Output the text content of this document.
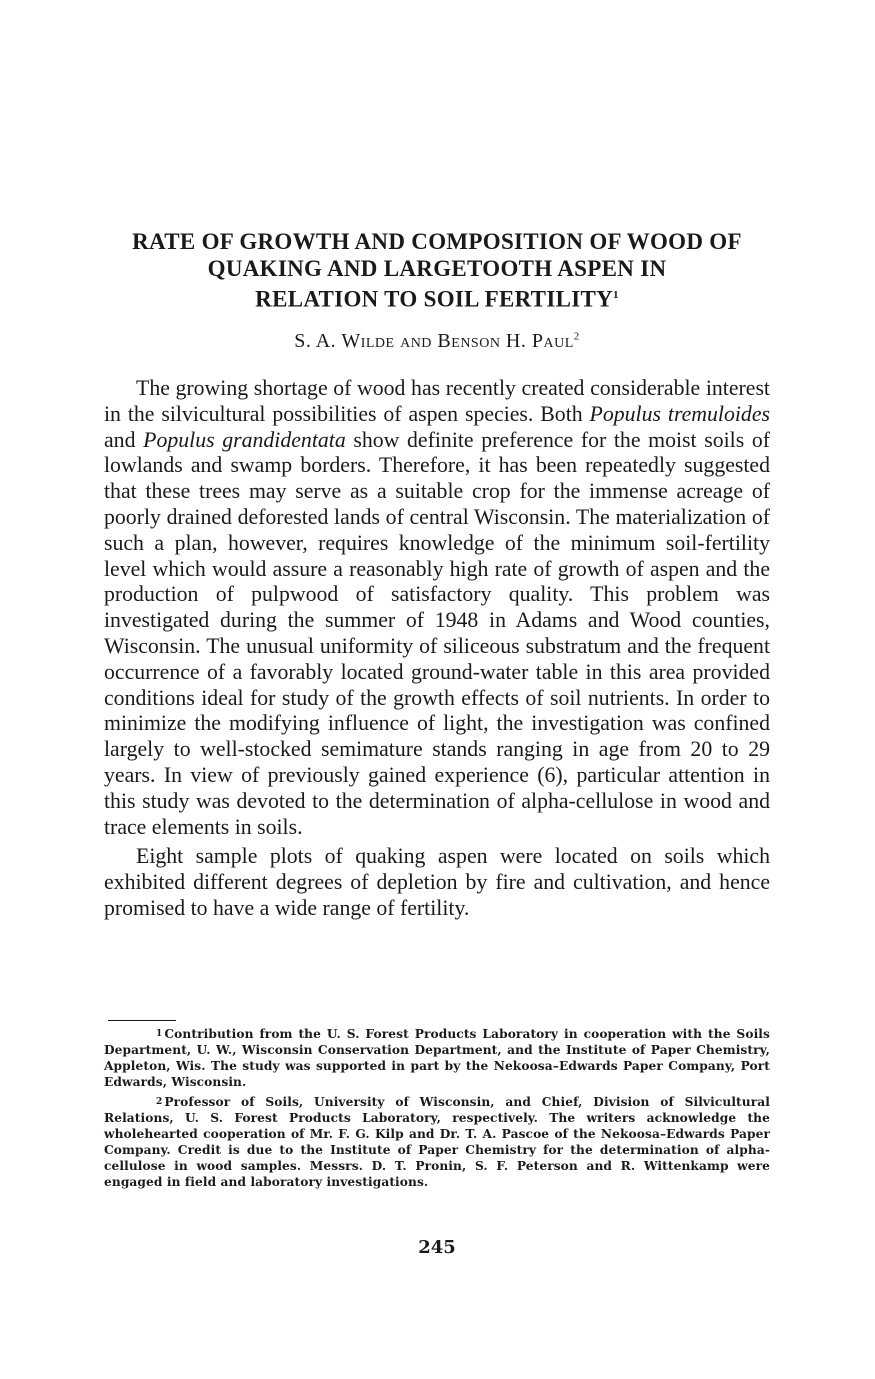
RATE OF GROWTH AND COMPOSITION OF WOOD OF
QUAKING AND LARGETOOTH ASPEN IN
RELATION TO SOIL FERTILITY$^1$
S. A. Wilde and Benson H. Paul$^2$

The growing shortage of wood has recently created considerable interest in the silvicultural possibilities of aspen species. Both Populus tremuloides and Populus grandidentata show definite preference for the moist soils of lowlands and swamp borders. Therefore, it has been repeatedly suggested that these trees may serve as a suitable crop for the immense acreage of poorly drained deforested lands of central Wisconsin. The materialization of such a plan, however, requires knowledge of the minimum soil-fertility level which would assure a reasonably high rate of growth of aspen and the production of pulpwood of satisfactory quality. This problem was investigated during the summer of 1948 in Adams and Wood counties, Wisconsin. The unusual uniformity of siliceous substratum and the frequent occurrence of a favorably located ground-water table in this area provided conditions ideal for study of the growth effects of soil nutrients. In order to minimize the modifying influence of light, the investigation was confined largely to well-stocked semimature stands ranging in age from 20 to 29 years. In view of previously gained experience (6), particular attention in this study was devoted to the determination of alpha-cellulose in wood and trace elements in soils.

Eight sample plots of quaking aspen were located on soils which exhibited different degrees of depletion by fire and cultivation, and hence promised to have a wide range of fertility.

1 Contribution from the U. S. Forest Products Laboratory in cooperation with the Soils Department, U. W., Wisconsin Conservation Department, and the Institute of Paper Chemistry, Appleton, Wis. The study was supported in part by the Nekoosa–Edwards Paper Company, Port Edwards, Wisconsin.

2 Professor of Soils, University of Wisconsin, and Chief, Division of Silvicultural Relations, U. S. Forest Products Laboratory, respectively. The writers acknowledge the wholehearted cooperation of Mr. F. G. Kilp and Dr. T. A. Pascoe of the Nekoosa–Edwards Paper Company. Credit is due to the Institute of Paper Chemistry for the determination of alpha-cellulose in wood samples. Messrs. D. T. Pronin, S. F. Peterson and R. Wittenkamp were engaged in field and laboratory investigations.

245
